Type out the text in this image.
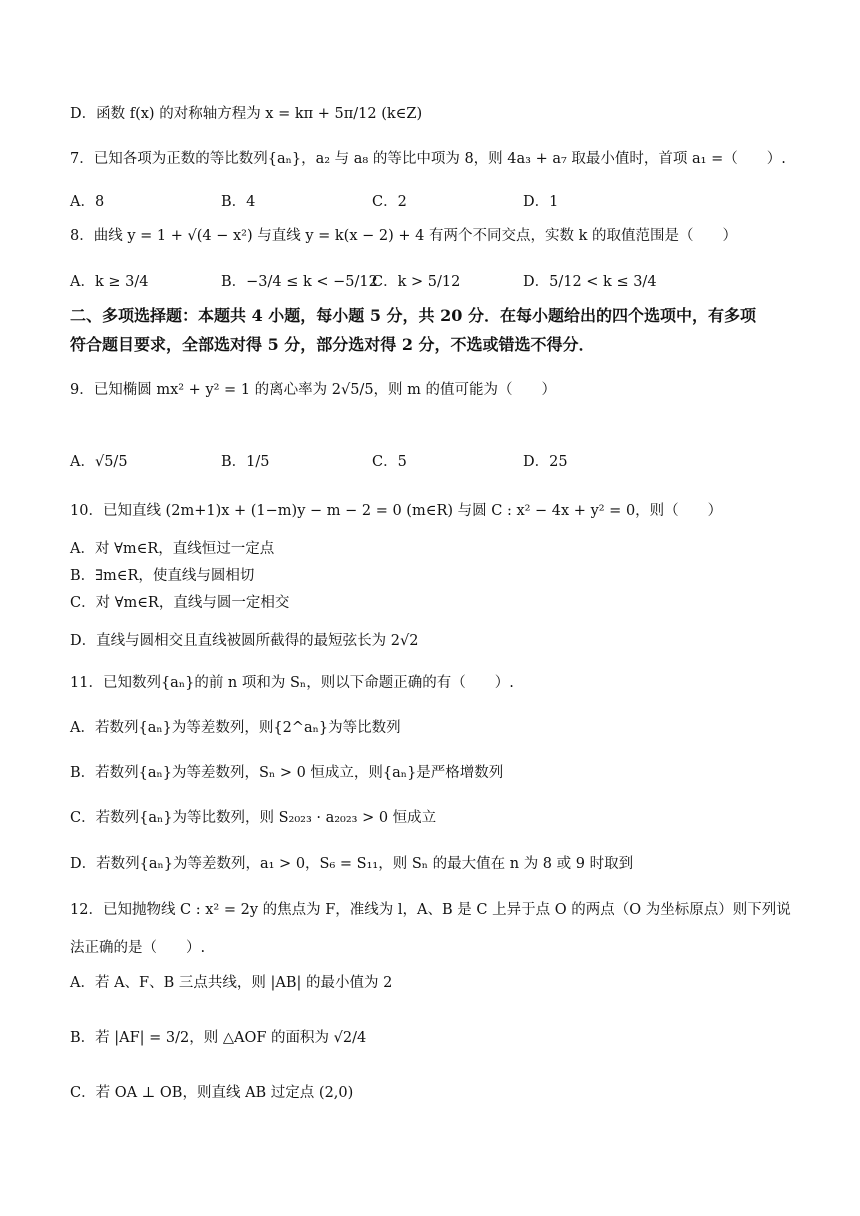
D．函数 f(x) 的对称轴方程为 x = kπ + 5π/12 (k∈Z)
7．已知各项为正数的等比数列{aₙ}，a₂ 与 a₈ 的等比中项为 8，则 4a₃ + a₇ 取最小值时，首项 a₁ =（　　）.
A．8	B．4	C．2	D．1
8．曲线 y = 1 + √(4 − x²) 与直线 y = k(x − 2) + 4 有两个不同交点，实数 k 的取值范围是（　　）
A．k ≥ 3/4	B．−3/4 ≤ k < −5/12
C．k > 5/12	D．5/12 < k ≤ 3/4
二、多项选择题：本题共 4 小题，每小题 5 分，共 20 分．在每小题给出的四个选项中，有多项
符合题目要求，全部选对得 5 分，部分选对得 2 分，不选或错选不得分．
9．已知椭圆 mx² + y² = 1 的离心率为 2√5/5，则 m 的值可能为（　　）
A．√5/5	B．1/5	C．5	D．25
10．已知直线 (2m+1)x + (1−m)y − m − 2 = 0 (m∈R) 与圆 C : x² − 4x + y² = 0，则（　　）
A．对 ∀m∈R，直线恒过一定点
B．∃m∈R，使直线与圆相切
C．对 ∀m∈R，直线与圆一定相交
D．直线与圆相交且直线被圆所截得的最短弦长为 2√2
11．已知数列{aₙ}的前 n 项和为 Sₙ，则以下命题正确的有（　　）.
A．若数列{aₙ}为等差数列，则{2^aₙ}为等比数列
B．若数列{aₙ}为等差数列，Sₙ > 0 恒成立，则{aₙ}是严格增数列
C．若数列{aₙ}为等比数列，则 S₂₀₂₃ · a₂₀₂₃ > 0 恒成立
D．若数列{aₙ}为等差数列，a₁ > 0，S₆ = S₁₁，则 Sₙ 的最大值在 n 为 8 或 9 时取到
12．已知抛物线 C : x² = 2y 的焦点为 F，准线为 l，A、B 是 C 上异于点 O 的两点（O 为坐标原点）则下列说
法正确的是（　　）.
A．若 A、F、B 三点共线，则 |AB| 的最小值为 2
B．若 |AF| = 3/2，则 △AOF 的面积为 √2/4
C．若 OA ⊥ OB，则直线 AB 过定点 (2,0)
